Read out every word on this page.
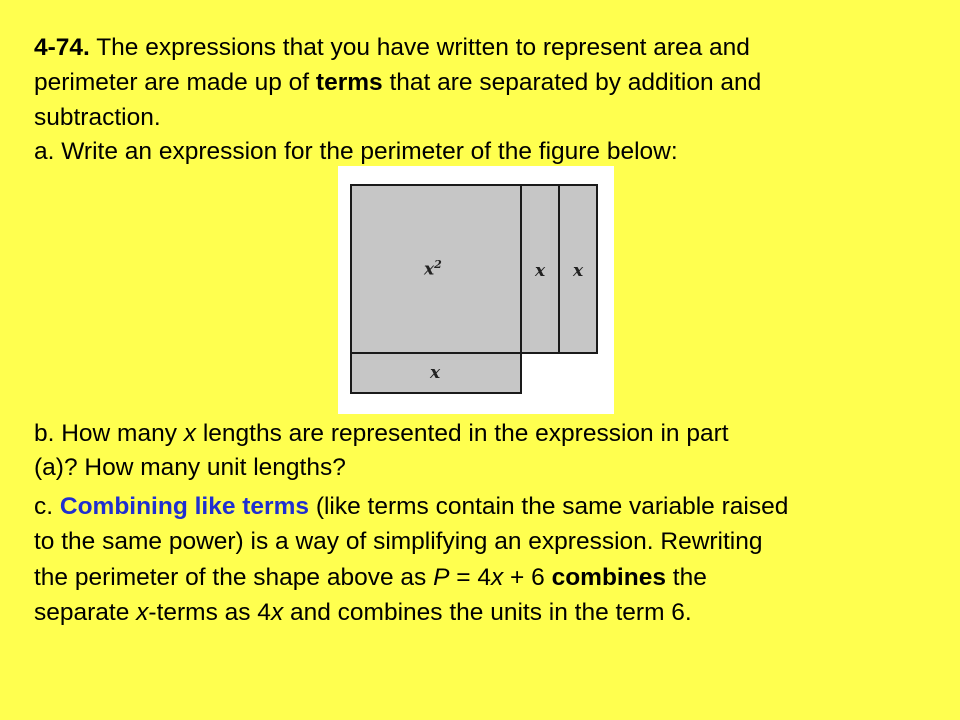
4-74. The expressions that you have written to represent area and
perimeter are made up of terms that are separated by addition and
subtraction.
a. Write an expression for the perimeter of the figure below:
$x^2$	x x
x
b. How many x lengths are represented in the expression in part
(a)? How many unit lengths?
c. Combining like terms (like terms contain the same variable raised
to the same power) is a way of simplifying an expression. Rewriting
the perimeter of the shape above as P = 4x + 6 combines the
separate x-terms as 4x and combines the units in the term 6.
